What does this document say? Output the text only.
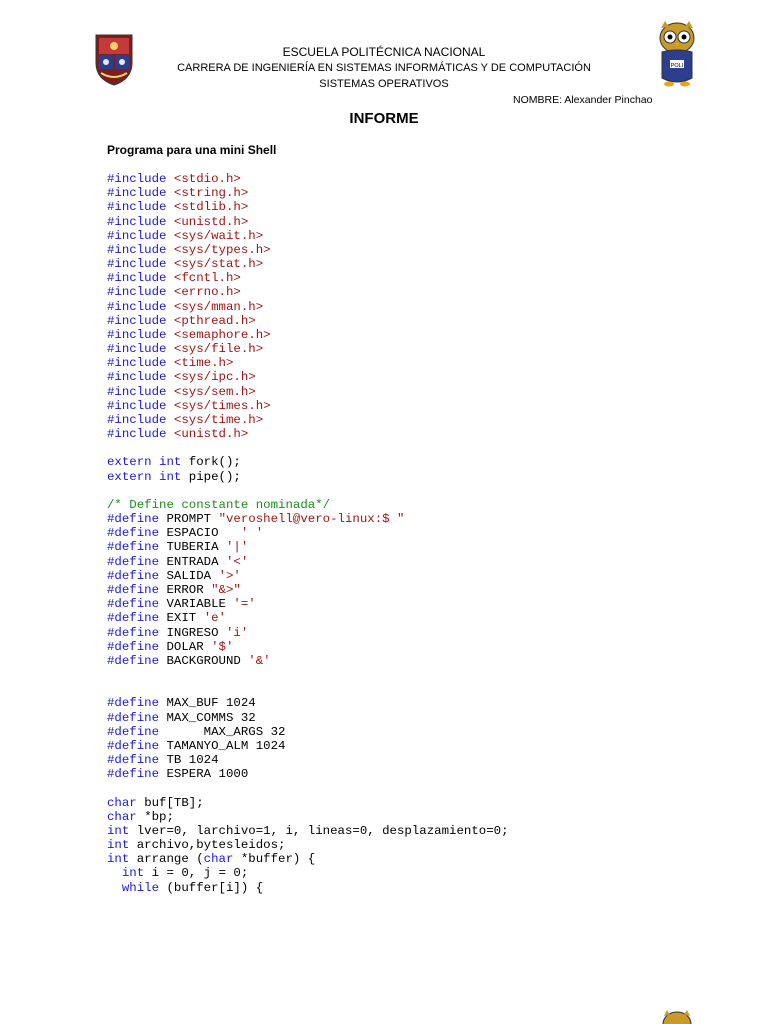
ESCUELA POLITÉCNICA NACIONAL
CARRERA DE INGENIERÍA EN SISTEMAS INFORMÁTICAS Y DE COMPUTACIÓN
SISTEMAS OPERATIVOS
POLI
NOMBRE: Alexander Pinchao
INFORME
Programa para una mini Shell
#include <stdio.h>
#include <string.h>
#include <stdlib.h>
#include <unistd.h>
#include <sys/wait.h>
#include <sys/types.h>
#include <sys/stat.h>
#include <fcntl.h>
#include <errno.h>
#include <sys/mman.h>
#include <pthread.h>
#include <semaphore.h>
#include <sys/file.h>
#include <time.h>
#include <sys/ipc.h>
#include <sys/sem.h>
#include <sys/times.h>
#include <sys/time.h>
#include <unistd.h>
extern int fork();
extern int pipe();
/* Define constante nominada*/
#define PROMPT "veroshell@vero-linux:$ "
#define ESPACIO   ' '
#define TUBERIA '|'
#define ENTRADA '<'
#define SALIDA '>'
#define ERROR "&>"
#define VARIABLE '='
#define EXIT 'e'
#define INGRESO 'i'
#define DOLAR '$'
#define BACKGROUND '&'
#define MAX_BUF 1024
#define MAX_COMMS 32
#define      MAX_ARGS 32
#define TAMANYO_ALM 1024
#define TB 1024
#define ESPERA 1000
char buf[TB];
char *bp;
int lver=0, larchivo=1, i, lineas=0, desplazamiento=0;
int archivo,bytesleidos;
int arrange (char *buffer) {
int i = 0, j = 0;
while (buffer[i]) {
